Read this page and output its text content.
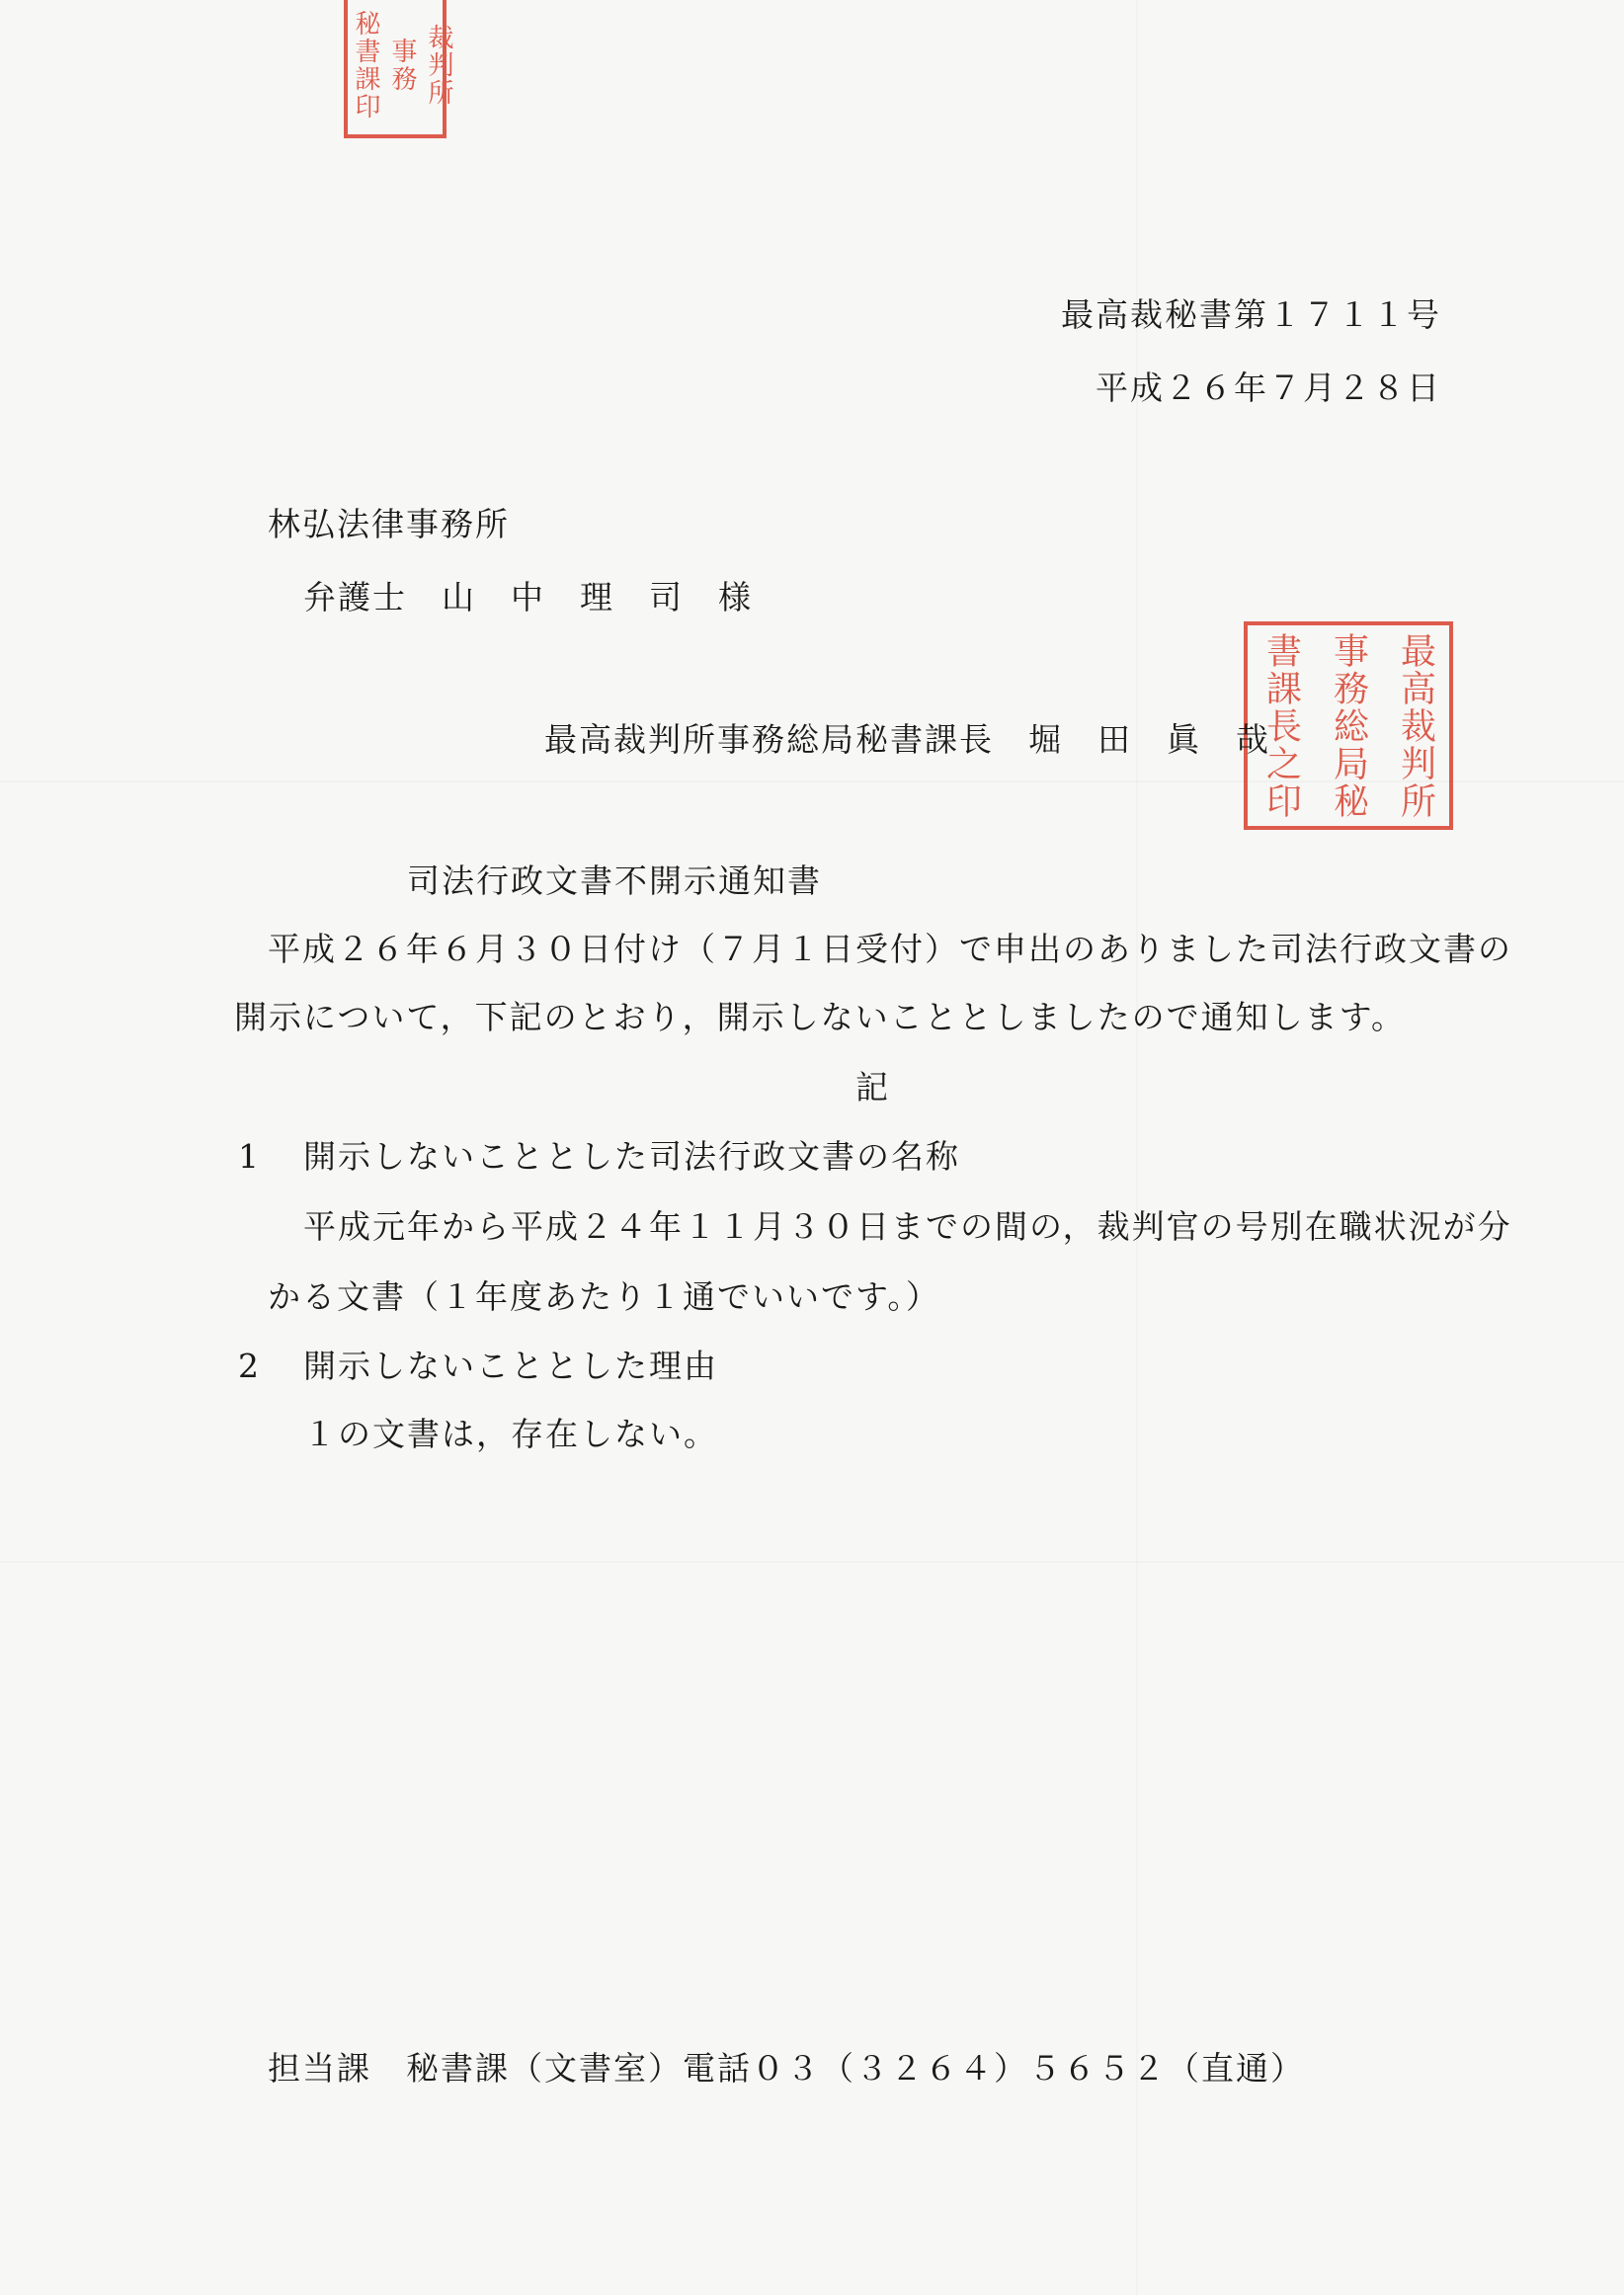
裁判所
事務
秘書課印
最高裁秘書第１７１１号
平成２６年７月２８日
林弘法律事務所
弁護士　山　中　理　司　様
最高裁判所
事務総局秘
書課長之印
最高裁判所事務総局秘書課長　堀　田　眞　哉
司法行政文書不開示通知書
平成２６年６月３０日付け（７月１日受付）で申出のありました司法行政文書の
開示について，下記のとおり，開示しないこととしましたので通知します。
記
1 開示しないこととした司法行政文書の名称
平成元年から平成２４年１１月３０日までの間の，裁判官の号別在職状況が分
かる文書（１年度あたり１通でいいです。）
2 開示しないこととした理由
１の文書は，存在しない。
担当課　秘書課（文書室）電話０３（３２６４）５６５２（直通）
